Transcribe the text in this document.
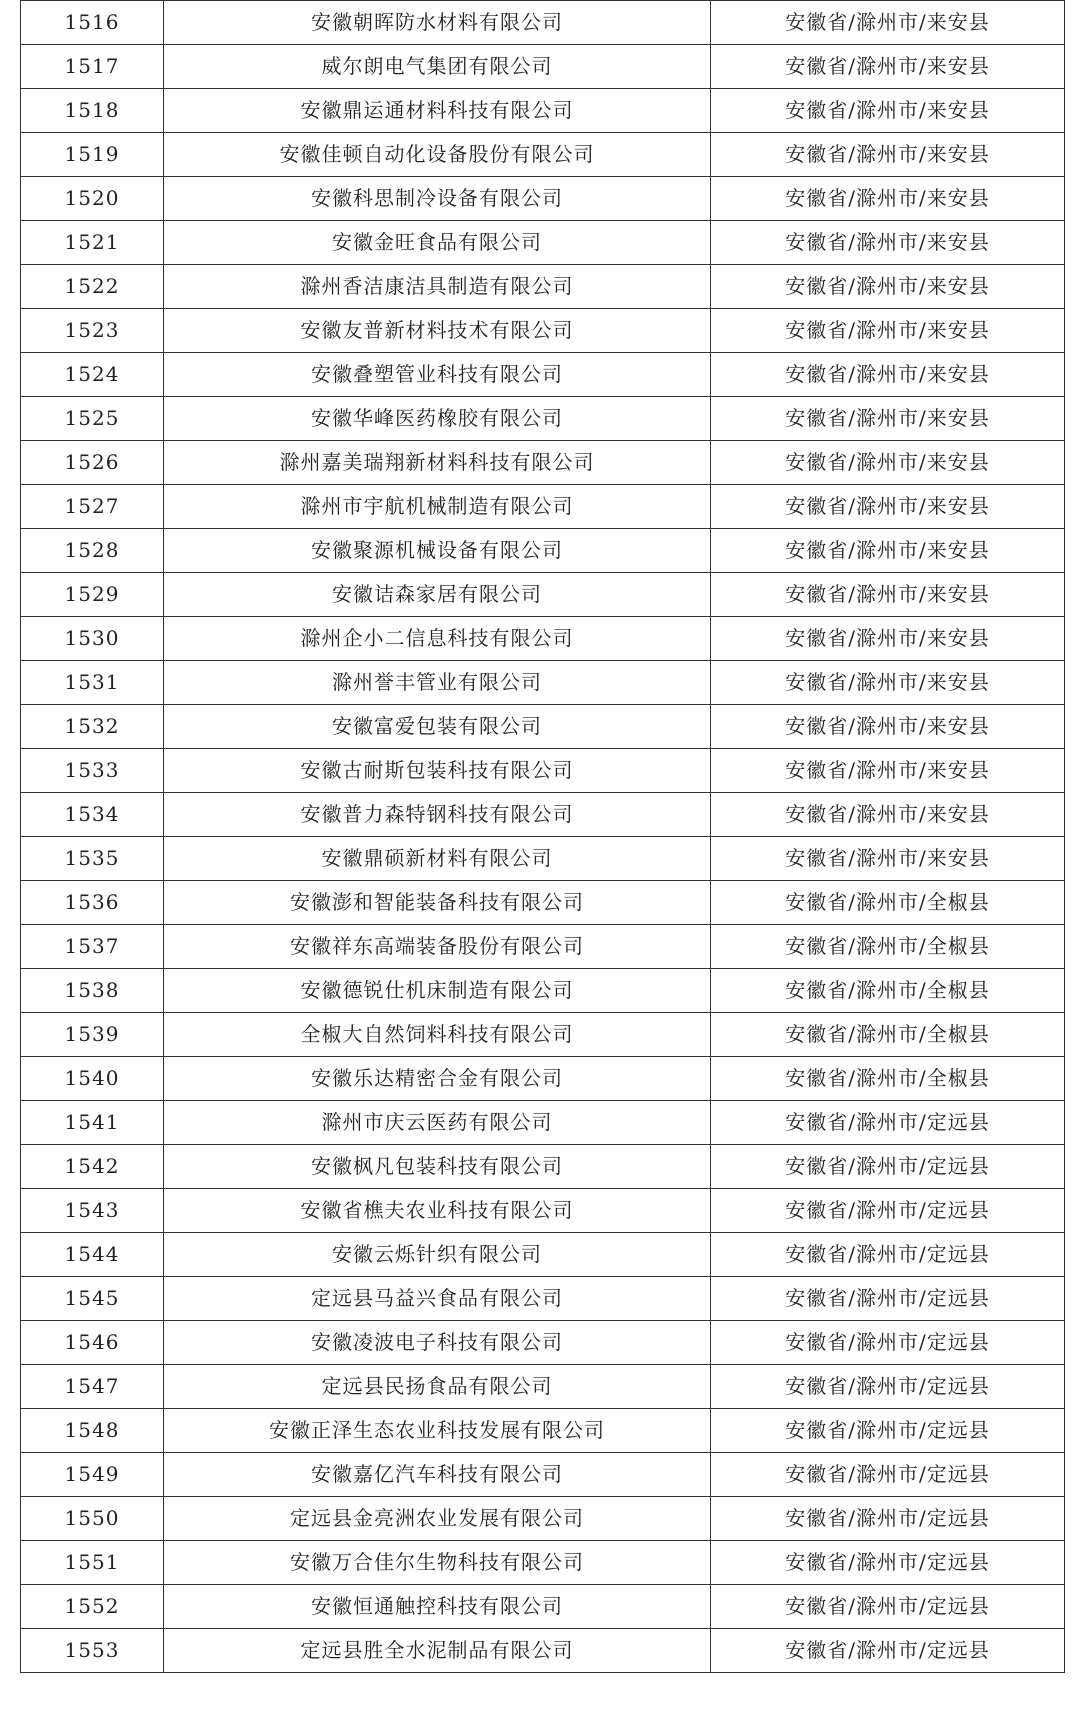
1516	安徽朝晖防水材料有限公司	安徽省/滁州市/来安县
1517	威尔朗电气集团有限公司	安徽省/滁州市/来安县
1518	安徽鼎运通材料科技有限公司	安徽省/滁州市/来安县
1519	安徽佳顿自动化设备股份有限公司	安徽省/滁州市/来安县
1520	安徽科思制冷设备有限公司	安徽省/滁州市/来安县
1521	安徽金旺食品有限公司	安徽省/滁州市/来安县
1522	滁州香洁康洁具制造有限公司	安徽省/滁州市/来安县
1523	安徽友普新材料技术有限公司	安徽省/滁州市/来安县
1524	安徽叠塑管业科技有限公司	安徽省/滁州市/来安县
1525	安徽华峰医药橡胶有限公司	安徽省/滁州市/来安县
1526	滁州嘉美瑞翔新材料科技有限公司	安徽省/滁州市/来安县
1527	滁州市宇航机械制造有限公司	安徽省/滁州市/来安县
1528	安徽聚源机械设备有限公司	安徽省/滁州市/来安县
1529	安徽诘森家居有限公司	安徽省/滁州市/来安县
1530	滁州企小二信息科技有限公司	安徽省/滁州市/来安县
1531	滁州誉丰管业有限公司	安徽省/滁州市/来安县
1532	安徽富爱包装有限公司	安徽省/滁州市/来安县
1533	安徽古耐斯包装科技有限公司	安徽省/滁州市/来安县
1534	安徽普力森特钢科技有限公司	安徽省/滁州市/来安县
1535	安徽鼎硕新材料有限公司	安徽省/滁州市/来安县
1536	安徽澎和智能装备科技有限公司	安徽省/滁州市/全椒县
1537	安徽祥东高端装备股份有限公司	安徽省/滁州市/全椒县
1538	安徽德锐仕机床制造有限公司	安徽省/滁州市/全椒县
1539	全椒大自然饲料科技有限公司	安徽省/滁州市/全椒县
1540	安徽乐达精密合金有限公司	安徽省/滁州市/全椒县
1541	滁州市庆云医药有限公司	安徽省/滁州市/定远县
1542	安徽枫凡包装科技有限公司	安徽省/滁州市/定远县
1543	安徽省樵夫农业科技有限公司	安徽省/滁州市/定远县
1544	安徽云烁针织有限公司	安徽省/滁州市/定远县
1545	定远县马益兴食品有限公司	安徽省/滁州市/定远县
1546	安徽凌波电子科技有限公司	安徽省/滁州市/定远县
1547	定远县民扬食品有限公司	安徽省/滁州市/定远县
1548	安徽正泽生态农业科技发展有限公司	安徽省/滁州市/定远县
1549	安徽嘉亿汽车科技有限公司	安徽省/滁州市/定远县
1550	定远县金亮洲农业发展有限公司	安徽省/滁州市/定远县
1551	安徽万合佳尔生物科技有限公司	安徽省/滁州市/定远县
1552	安徽恒通触控科技有限公司	安徽省/滁州市/定远县
1553	定远县胜全水泥制品有限公司	安徽省/滁州市/定远县
